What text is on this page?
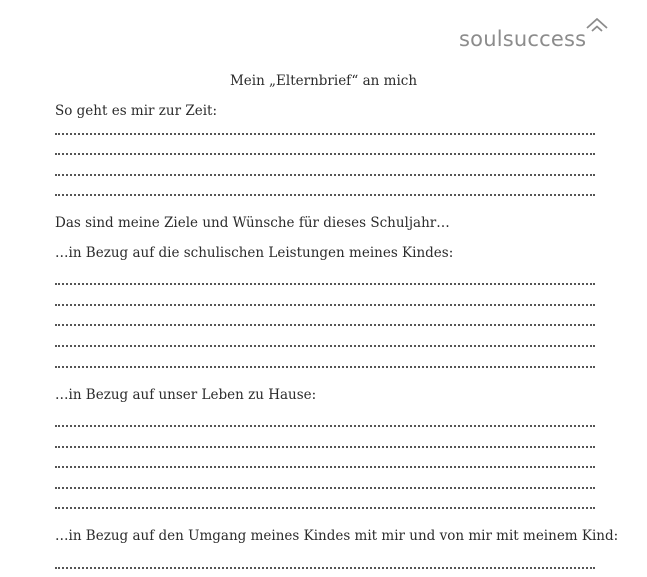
soulsuccess
Mein „Elternbrief“ an mich
So geht es mir zur Zeit:
Das sind meine Ziele und Wünsche für dieses Schuljahr…
…in Bezug auf die schulischen Leistungen meines Kindes:
…in Bezug auf unser Leben zu Hause:
…in Bezug auf den Umgang meines Kindes mit mir und von mir mit meinem Kind:
